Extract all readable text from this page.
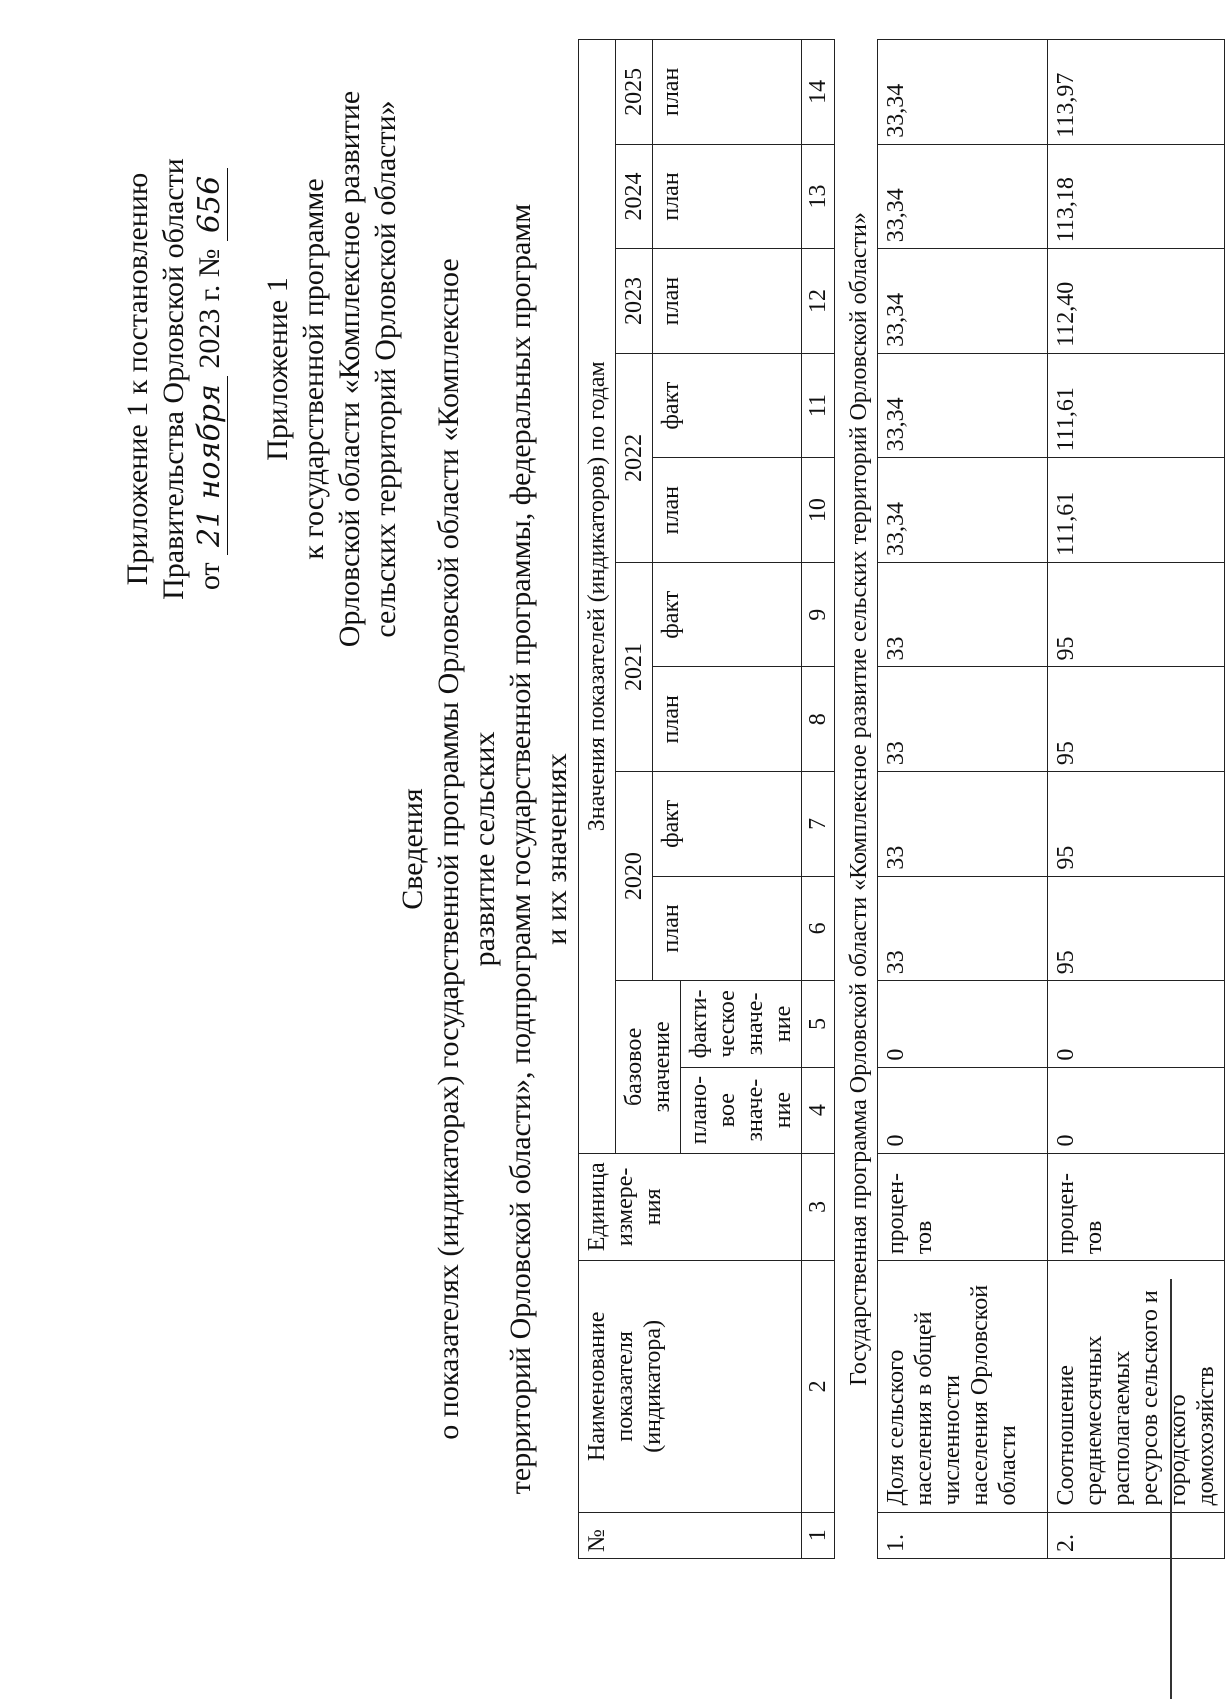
Приложение 1 к постановлению Правительства Орловской области от 21 ноября 2023 г. № 656
Приложение 1 к государственной программе Орловской области «Комплексное развитие сельских территорий Орловской области»
Сведения о показателях (индикаторах) государственной программы Орловской области «Комплексное развитие сельских территорий Орловской области», подпрограмм государственной программы, федеральных программ и их значениях
№	Наименование показателя (индикатора)	Единица измере-ния	Значения показателей (индикаторов) по годам										
			базовое значение		2020		2021		2022		2023	2024	2025
					план	факт	план	факт	план	факт	план	план	план
			плано-вое значе-ние	факти-ческое значе-ние									
1	2	3	4	5	6	7	8	9	10	11	12	13	14
Государственная программа Орловской области «Комплексное развитие сельских территорий Орловской области»													
1.	Доля сельского населения в общей численности населения Орловской области	процен-тов	0	0	33	33	33	33	33,34	33,34	33,34	33,34	33,34
2.	Соотношение среднемесячных располагаемых ресурсов сельского и городского домохозяйств	процен-тов	0	0	95	95	95	95	111,61	111,61	112,40	113,18	113,97
